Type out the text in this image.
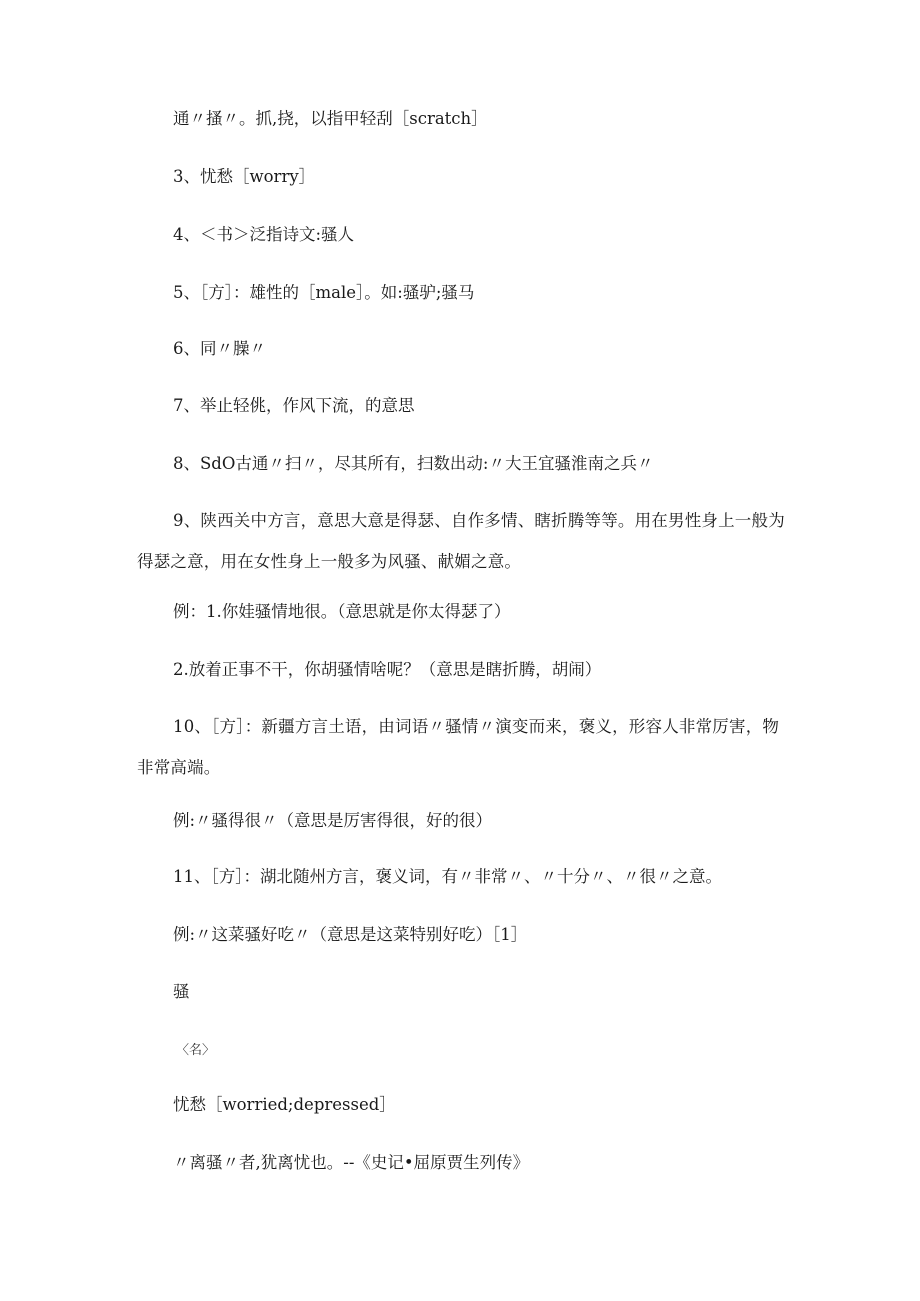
通〃搔〃。抓,挠，以指甲轻刮［scratch］

3、忧愁［worry］

4、＜书＞泛指诗文:骚人

5、［方］：雄性的［male］。如:骚驴;骚马

6、同〃臊〃

7、举止轻佻，作风下流，的意思

8、SdO古通〃扫〃，尽其所有，扫数出动:〃大王宜骚淮南之兵〃

9、陕西关中方言，意思大意是得瑟、自作多情、瞎折腾等等。用在男性身上一般为得瑟之意，用在女性身上一般多为风骚、献媚之意。

例：1.你娃骚情地很。（意思就是你太得瑟了）

2.放着正事不干，你胡骚情啥呢？（意思是瞎折腾，胡闹）

10、［方］：新疆方言土语，由词语〃骚情〃演变而来，褒义，形容人非常厉害，物非常高端。

例:〃骚得很〃（意思是厉害得很，好的很）

11、［方］：湖北随州方言，褒义词，有〃非常〃、〃十分〃、〃很〃之意。

例:〃这菜骚好吃〃（意思是这菜特别好吃）［1］

骚

〈名〉

忧愁［worried;depressed］

〃离骚〃者,犹离忧也。--《史记•屈原贾生列传》
